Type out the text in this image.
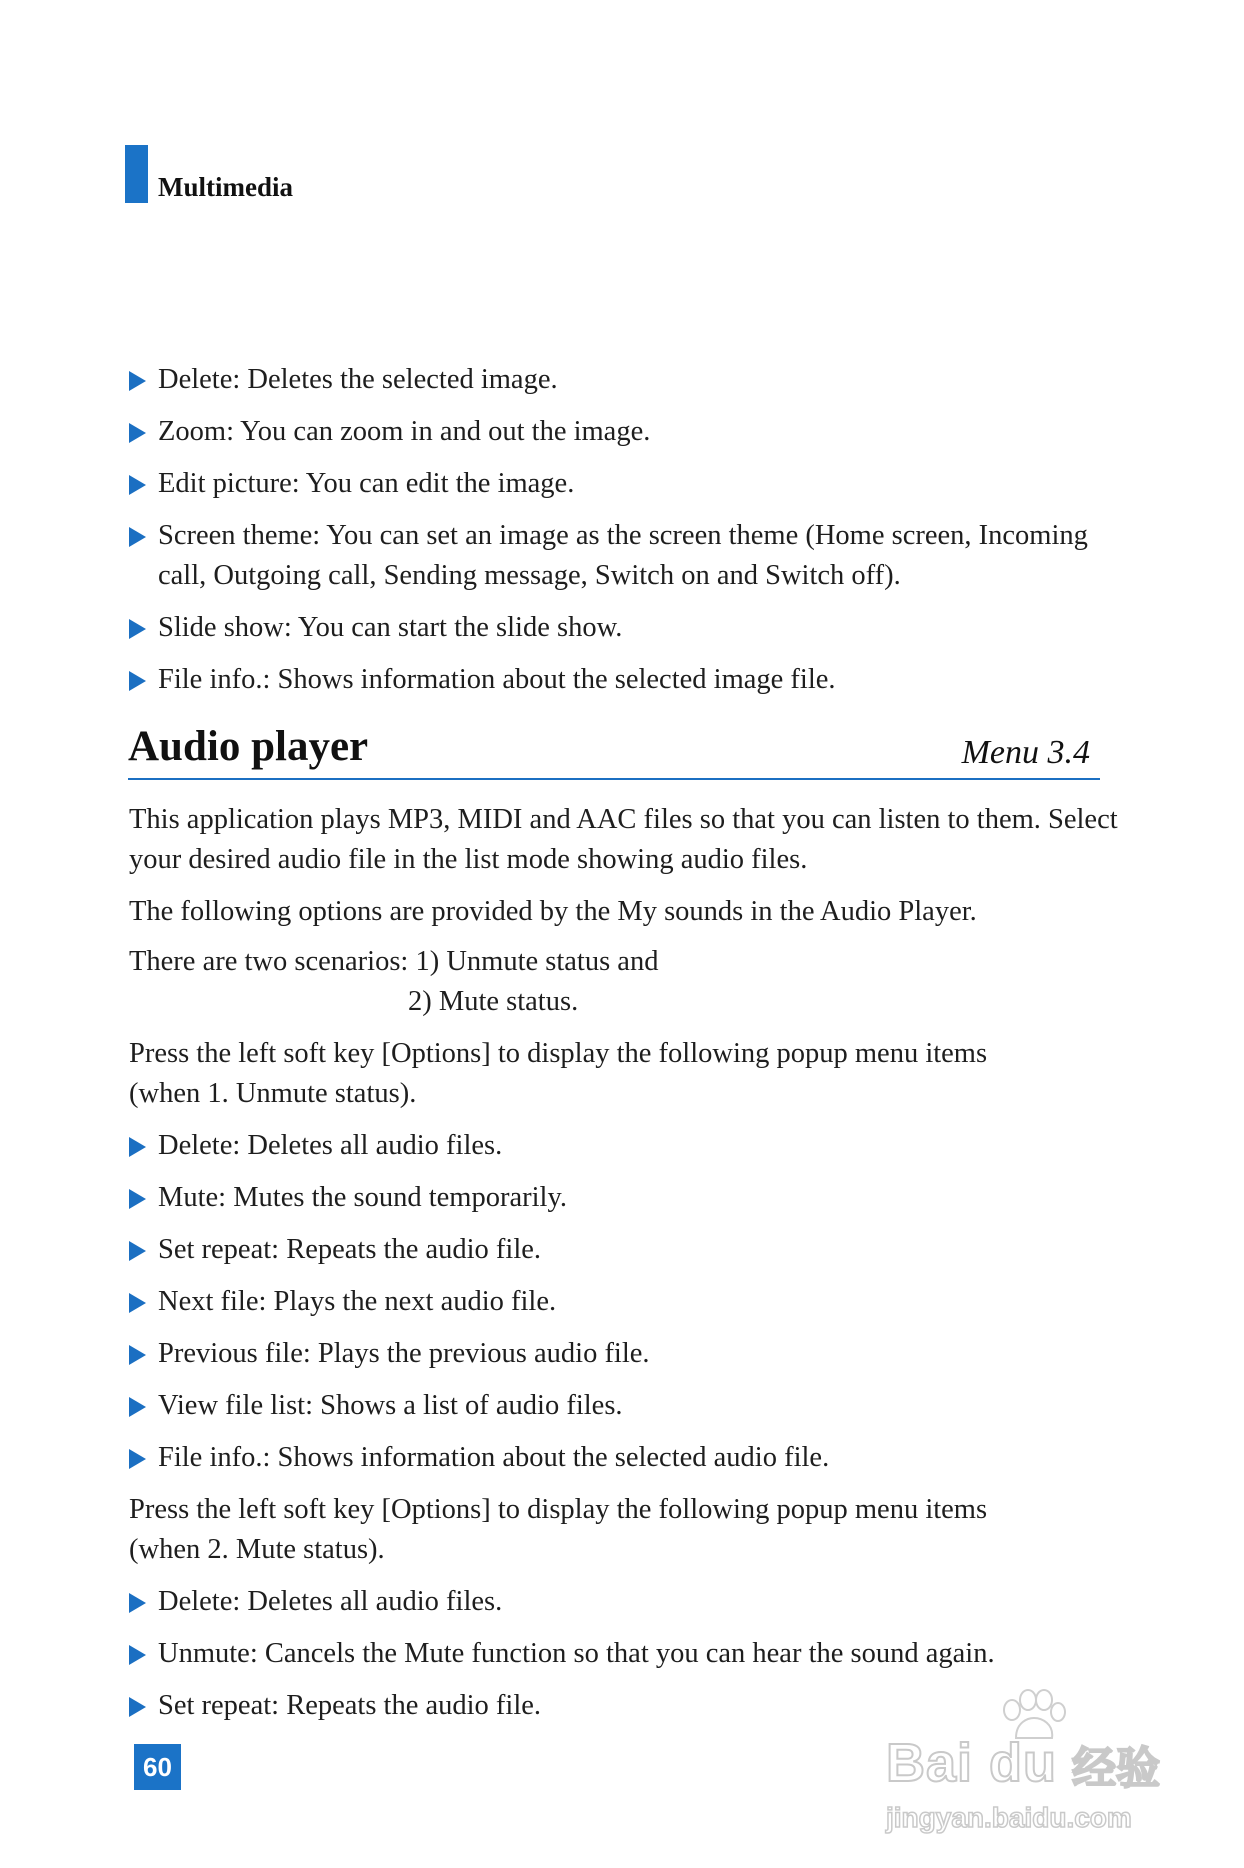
Multimedia
Delete: Deletes the selected image.
Zoom: You can zoom in and out the image.
Edit picture: You can edit the image.
Screen theme: You can set an image as the screen theme (Home screen, Incoming
call, Outgoing call, Sending message, Switch on and Switch off).
Slide show: You can start the slide show.
File info.: Shows information about the selected image file.
Audio player	Menu 3.4
This application plays MP3, MIDI and AAC files so that you can listen to them. Select
your desired audio file in the list mode showing audio files.
The following options are provided by the My sounds in the Audio Player.
There are two scenarios: 1) Unmute status and
2) Mute status.
Press the left soft key [Options] to display the following popup menu items
(when 1. Unmute status).
Delete: Deletes all audio files.
Mute: Mutes the sound temporarily.
Set repeat: Repeats the audio file.
Next file: Plays the next audio file.
Previous file: Plays the previous audio file.
View file list: Shows a list of audio files.
File info.: Shows information about the selected audio file.
Press the left soft key [Options] to display the following popup menu items
(when 2. Mute status).
Delete: Deletes all audio files.
Unmute: Cancels the Mute function so that you can hear the sound again.
Set repeat: Repeats the audio file.
60	Bai du 经验
jingyan.baidu.com
